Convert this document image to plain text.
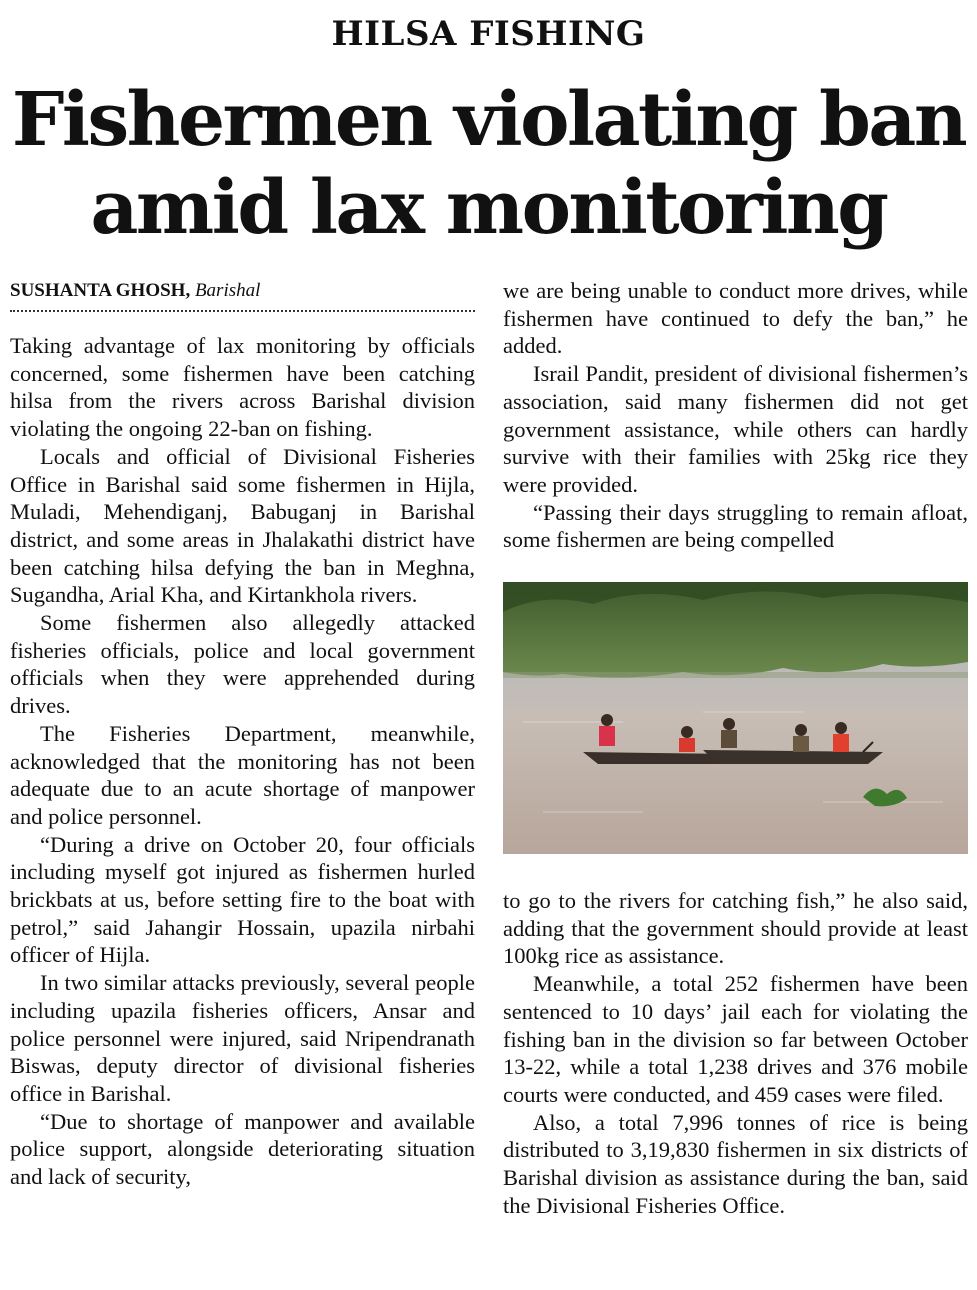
HILSA FISHING
Fishermen violating ban
amid lax monitoring
SUSHANTA GHOSH, Barishal

Taking advantage of lax monitoring by officials concerned, some fishermen have been catching hilsa from the rivers across Barishal division violating the ongoing 22-ban on fishing.

Locals and official of Divisional Fisheries Office in Barishal said some fishermen in Hijla, Muladi, Mehendiganj, Babuganj in Barishal district, and some areas in Jhalakathi district have been catching hilsa defying the ban in Meghna, Sugandha, Arial Kha, and Kirtankhola rivers.

Some fishermen also allegedly attacked fisheries officials, police and local government officials when they were apprehended during drives.

The Fisheries Department, meanwhile, acknowledged that the monitoring has not been adequate due to an acute shortage of manpower and police personnel.

“During a drive on October 20, four officials including myself got injured as fishermen hurled brickbats at us, before setting fire to the boat with petrol,” said Jahangir Hossain, upazila nirbahi officer of Hijla.

In two similar attacks previously, several people including upazila fisheries officers, Ansar and police personnel were injured, said Nripendranath Biswas, deputy director of divisional fisheries office in Barishal.

“Due to shortage of manpower and available police support, alongside deteriorating situation and lack of security,

we are being unable to conduct more drives, while fishermen have continued to defy the ban,” he added.

Israil Pandit, president of divisional fishermen’s association, said many fishermen did not get government assistance, while others can hardly survive with their families with 25kg rice they were provided.

“Passing their days struggling to remain afloat, some fishermen are being compelled

to go to the rivers for catching fish,” he also said, adding that the government should provide at least 100kg rice as assistance.

Meanwhile, a total 252 fishermen have been sentenced to 10 days’ jail each for violating the fishing ban in the division so far between October 13-22, while a total 1,238 drives and 376 mobile courts were conducted, and 459 cases were filed.

Also, a total 7,996 tonnes of rice is being distributed to 3,19,830 fishermen in six districts of Barishal division as assistance during the ban, said the Divisional Fisheries Office.
